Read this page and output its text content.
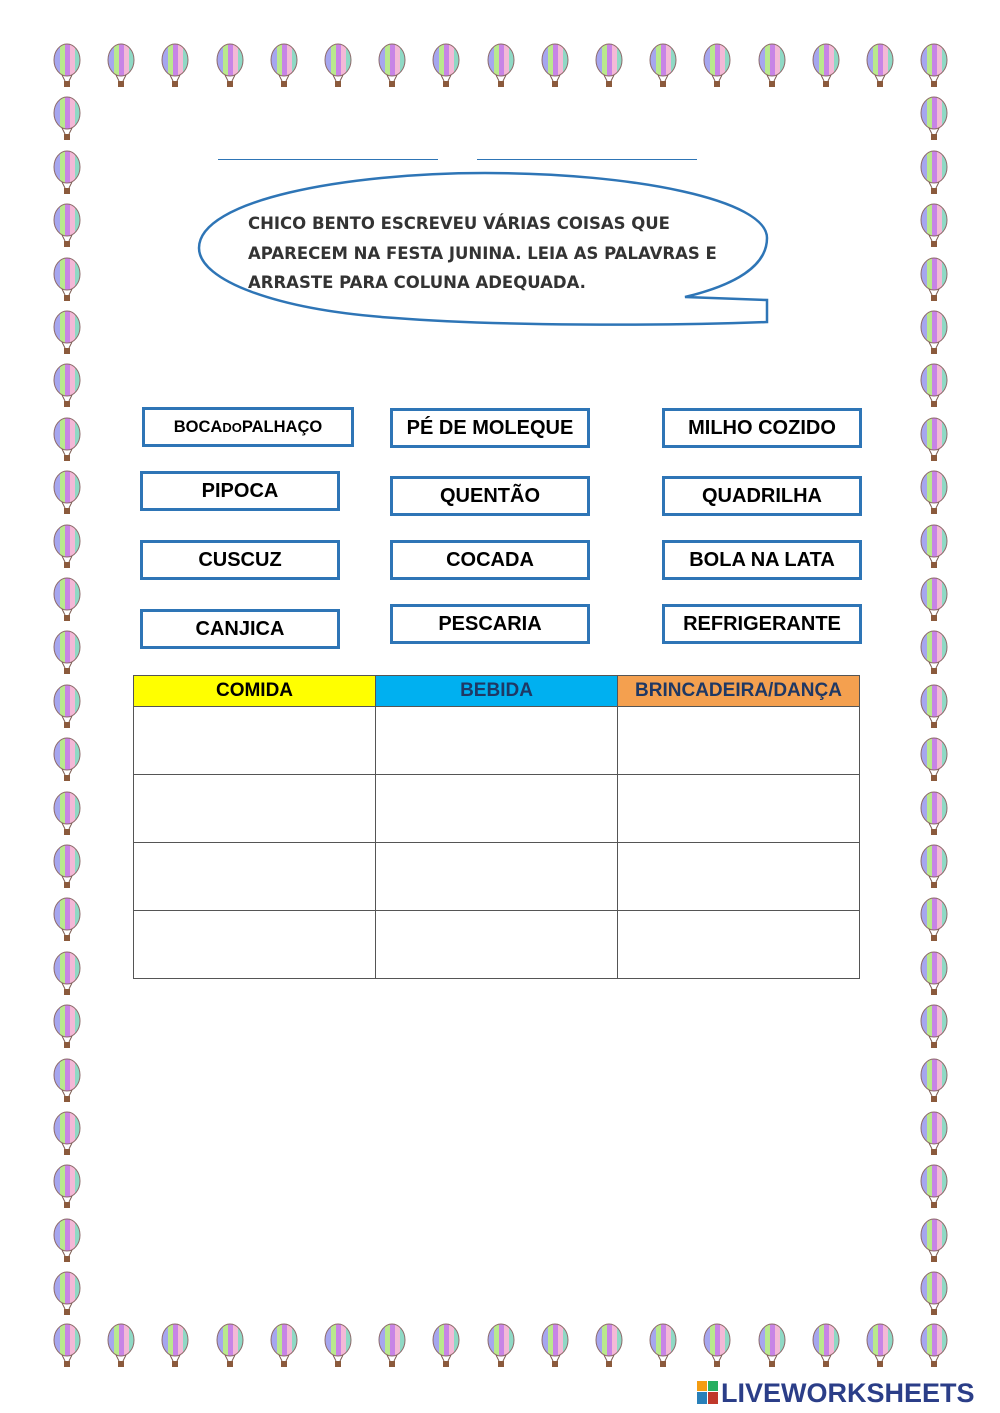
CHICO BENTO ESCREVEU VÁRIAS COISAS QUE APARECEM NA FESTA JUNINA. LEIA AS PALAVRAS E ARRASTE PARA COLUNA ADEQUADA.

BOCA DO PALHAÇO	PÉ DE MOLEQUE	MILHO COZIDO
PIPOCA	QUENTÃO	QUADRILHA
CUSCUZ	COCADA	BOLA NA LATA
CANJICA	PESCARIA	REFRIGERANTE
COMIDA	BEBIDA	BRINCADEIRA/DANÇA

LIVEWORKSHEETS
